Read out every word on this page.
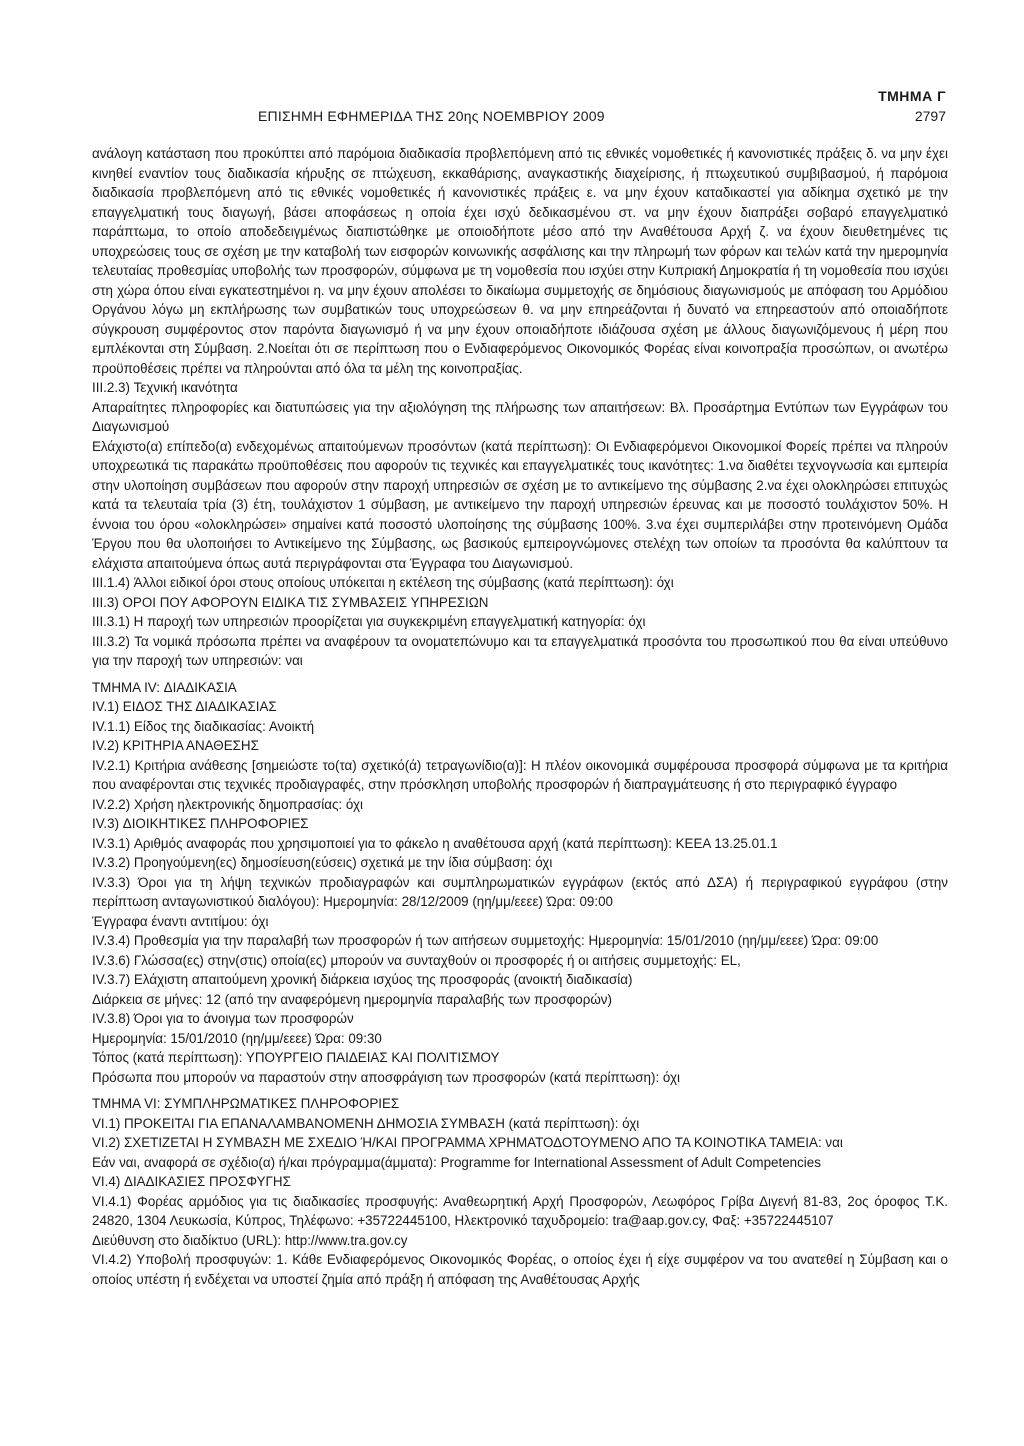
ΤΜΗΜΑ Γ
ΕΠΙΣΗΜΗ ΕΦΗΜΕΡΙΔΑ ΤΗΣ 20ης ΝΟΕΜΒΡΙΟΥ 2009	2797

ανάλογη κατάσταση που προκύπτει από παρόμοια διαδικασία προβλεπόμενη από τις εθνικές νομοθετικές ή κανονιστικές πράξεις δ. να μην έχει κινηθεί εναντίον τους διαδικασία κήρυξης σε πτώχευση, εκκαθάρισης, αναγκαστικής διαχείρισης, ή πτωχευτικού συμβιβασμού, ή παρόμοια διαδικασία προβλεπόμενη από τις εθνικές νομοθετικές ή κανονιστικές πράξεις ε. να μην έχουν καταδικαστεί για αδίκημα σχετικό με την επαγγελματική τους διαγωγή, βάσει αποφάσεως η οποία έχει ισχύ δεδικασμένου στ. να μην έχουν διαπράξει σοβαρό επαγγελματικό παράπτωμα, το οποίο αποδεδειγμένως διαπιστώθηκε με οποιοδήποτε μέσο από την Αναθέτουσα Αρχή ζ. να έχουν διευθετημένες τις υποχρεώσεις τους σε σχέση με την καταβολή των εισφορών κοινωνικής ασφάλισης και την πληρωμή των φόρων και τελών κατά την ημερομηνία τελευταίας προθεσμίας υποβολής των προσφορών, σύμφωνα με τη νομοθεσία που ισχύει στην Κυπριακή Δημοκρατία ή τη νομοθεσία που ισχύει στη χώρα όπου είναι εγκατεστημένοι η. να μην έχουν απολέσει το δικαίωμα συμμετοχής σε δημόσιους διαγωνισμούς με απόφαση του Αρμόδιου Οργάνου λόγω μη εκπλήρωσης των συμβατικών τους υποχρεώσεων θ. να μην επηρεάζονται ή δυνατό να επηρεαστούν από οποιαδήποτε σύγκρουση συμφέροντος στον παρόντα διαγωνισμό ή να μην έχουν οποιαδήποτε ιδιάζουσα σχέση με άλλους διαγωνιζόμενους ή μέρη που εμπλέκονται στη Σύμβαση. 2.Νοείται ότι σε περίπτωση που ο Ενδιαφερόμενος Οικονομικός Φορέας είναι κοινοπραξία προσώπων, οι ανωτέρω προϋποθέσεις πρέπει να πληρούνται από όλα τα μέλη της κοινοπραξίας.

III.2.3) Τεχνική ικανότητα

Απαραίτητες πληροφορίες και διατυπώσεις για την αξιολόγηση της πλήρωσης των απαιτήσεων: Βλ. Προσάρτημα Εντύπων των Εγγράφων του Διαγωνισμού

Ελάχιστο(α) επίπεδο(α) ενδεχομένως απαιτούμενων προσόντων (κατά περίπτωση): Οι Ενδιαφερόμενοι Οικονομικοί Φορείς πρέπει να πληρούν υποχρεωτικά τις παρακάτω προϋποθέσεις που αφορούν τις τεχνικές και επαγγελματικές τους ικανότητες: 1.να διαθέτει τεχνογνωσία και εμπειρία στην υλοποίηση συμβάσεων που αφορούν στην παροχή υπηρεσιών σε σχέση με το αντικείμενο της σύμβασης 2.να έχει ολοκληρώσει επιτυχώς κατά τα τελευταία τρία (3) έτη, τουλάχιστον 1 σύμβαση, με αντικείμενο την παροχή υπηρεσιών έρευνας και με ποσοστό τουλάχιστον 50%. Η έννοια του όρου «ολοκληρώσει» σημαίνει κατά ποσοστό υλοποίησης της σύμβασης 100%. 3.να έχει συμπεριλάβει στην προτεινόμενη Ομάδα Έργου που θα υλοποιήσει το Αντικείμενο της Σύμβασης, ως βασικούς εμπειρογνώμονες στελέχη των οποίων τα προσόντα θα καλύπτουν τα ελάχιστα απαιτούμενα όπως αυτά περιγράφονται στα Έγγραφα του Διαγωνισμού.

III.1.4) Άλλοι ειδικοί όροι στους οποίους υπόκειται η εκτέλεση της σύμβασης (κατά περίπτωση): όχι

III.3) ΟΡΟΙ ΠΟΥ ΑΦΟΡΟΥΝ ΕΙΔΙΚΑ ΤΙΣ ΣΥΜΒΑΣΕΙΣ ΥΠΗΡΕΣΙΩΝ

III.3.1) Η παροχή των υπηρεσιών προορίζεται για συγκεκριμένη επαγγελματική κατηγορία: όχι

III.3.2) Τα νομικά πρόσωπα πρέπει να αναφέρουν τα ονοματεπώνυμο και τα επαγγελματικά προσόντα του προσωπικού που θα είναι υπεύθυνο για την παροχή των υπηρεσιών: ναι

ΤΜΗΜΑ IV: ΔΙΑΔΙΚΑΣΙΑ

IV.1) ΕΙΔΟΣ ΤΗΣ ΔΙΑΔΙΚΑΣΙΑΣ

IV.1.1) Είδος της διαδικασίας: Ανοικτή

IV.2) ΚΡΙΤΗΡΙΑ ΑΝΑΘΕΣΗΣ

IV.2.1) Κριτήρια ανάθεσης [σημειώστε το(τα) σχετικό(ά) τετραγωνίδιο(α)]: Η πλέον οικονομικά συμφέρουσα προσφορά σύμφωνα με τα κριτήρια που αναφέρονται στις τεχνικές προδιαγραφές, στην πρόσκληση υποβολής προσφορών ή διαπραγμάτευσης ή στο περιγραφικό έγγραφο

IV.2.2) Χρήση ηλεκτρονικής δημοπρασίας: όχι

IV.3) ΔΙΟΙΚΗΤΙΚΕΣ ΠΛΗΡΟΦΟΡΙΕΣ

IV.3.1) Αριθμός αναφοράς που χρησιμοποιεί για το φάκελο η αναθέτουσα αρχή (κατά περίπτωση): ΚΕΕΑ 13.25.01.1

IV.3.2) Προηγούμενη(ες) δημοσίευση(εύσεις) σχετικά με την ίδια σύμβαση: όχι

IV.3.3) Όροι για τη λήψη τεχνικών προδιαγραφών και συμπληρωματικών εγγράφων (εκτός από ΔΣΑ) ή περιγραφικού εγγράφου (στην περίπτωση ανταγωνιστικού διαλόγου): Ημερομηνία: 28/12/2009 (ηη/μμ/εεεε) Ώρα: 09:00

Έγγραφα έναντι αντιτίμου: όχι

IV.3.4) Προθεσμία για την παραλαβή των προσφορών ή των αιτήσεων συμμετοχής: Ημερομηνία: 15/01/2010 (ηη/μμ/εεεε) Ώρα: 09:00

IV.3.6) Γλώσσα(ες) στην(στις) οποία(ες) μπορούν να συνταχθούν οι προσφορές ή οι αιτήσεις συμμετοχής: EL,

IV.3.7) Ελάχιστη απαιτούμενη χρονική διάρκεια ισχύος της προσφοράς (ανοικτή διαδικασία)

Διάρκεια σε μήνες: 12 (από την αναφερόμενη ημερομηνία παραλαβής των προσφορών)

IV.3.8) Όροι για το άνοιγμα των προσφορών

Ημερομηνία: 15/01/2010 (ηη/μμ/εεεε) Ώρα: 09:30

Τόπος (κατά περίπτωση): ΥΠΟΥΡΓΕΙΟ ΠΑΙΔΕΙΑΣ ΚΑΙ ΠΟΛΙΤΙΣΜΟΥ

Πρόσωπα που μπορούν να παραστούν στην αποσφράγιση των προσφορών (κατά περίπτωση): όχι

ΤΜΗΜΑ VI: ΣΥΜΠΛΗΡΩΜΑΤΙΚΕΣ ΠΛΗΡΟΦΟΡΙΕΣ

VI.1) ΠΡΟΚΕΙΤΑΙ ΓΙΑ ΕΠΑΝΑΛΑΜΒΑΝΟΜΕΝΗ ΔΗΜΟΣΙΑ ΣΥΜΒΑΣΗ (κατά περίπτωση): όχι

VI.2) ΣΧΕΤΙΖΕΤΑΙ Η ΣΥΜΒΑΣΗ ΜΕ ΣΧΕΔΙΟ Ή/ΚΑΙ ΠΡΟΓΡΑΜΜΑ ΧΡΗΜΑΤΟΔΟΤΟΥΜΕΝΟ ΑΠΟ ΤΑ ΚΟΙΝΟΤΙΚΑ ΤΑΜΕΙΑ: ναι

Εάν ναι, αναφορά σε σχέδιο(α) ή/και πρόγραμμα(άμματα): Programme for International Assessment of Adult Competencies

VI.4) ΔΙΑΔΙΚΑΣΙΕΣ ΠΡΟΣΦΥΓΗΣ

VI.4.1) Φορέας αρμόδιος για τις διαδικασίες προσφυγής: Αναθεωρητική Αρχή Προσφορών, Λεωφόρος Γρίβα Διγενή 81-83, 2ος όροφος Τ.Κ. 24820, 1304 Λευκωσία, Κύπρος, Τηλέφωνο: +35722445100, Ηλεκτρονικό ταχυδρομείο: tra@aap.gov.cy, Φαξ: +35722445107

Διεύθυνση στο διαδίκτυο (URL): http://www.tra.gov.cy

VI.4.2) Υποβολή προσφυγών: 1. Κάθε Ενδιαφερόμενος Οικονομικός Φορέας, ο οποίος έχει ή είχε συμφέρον να του ανατεθεί η Σύμβαση και ο οποίος υπέστη ή ενδέχεται να υποστεί ζημία από πράξη ή απόφαση της Αναθέτουσας Αρχής
